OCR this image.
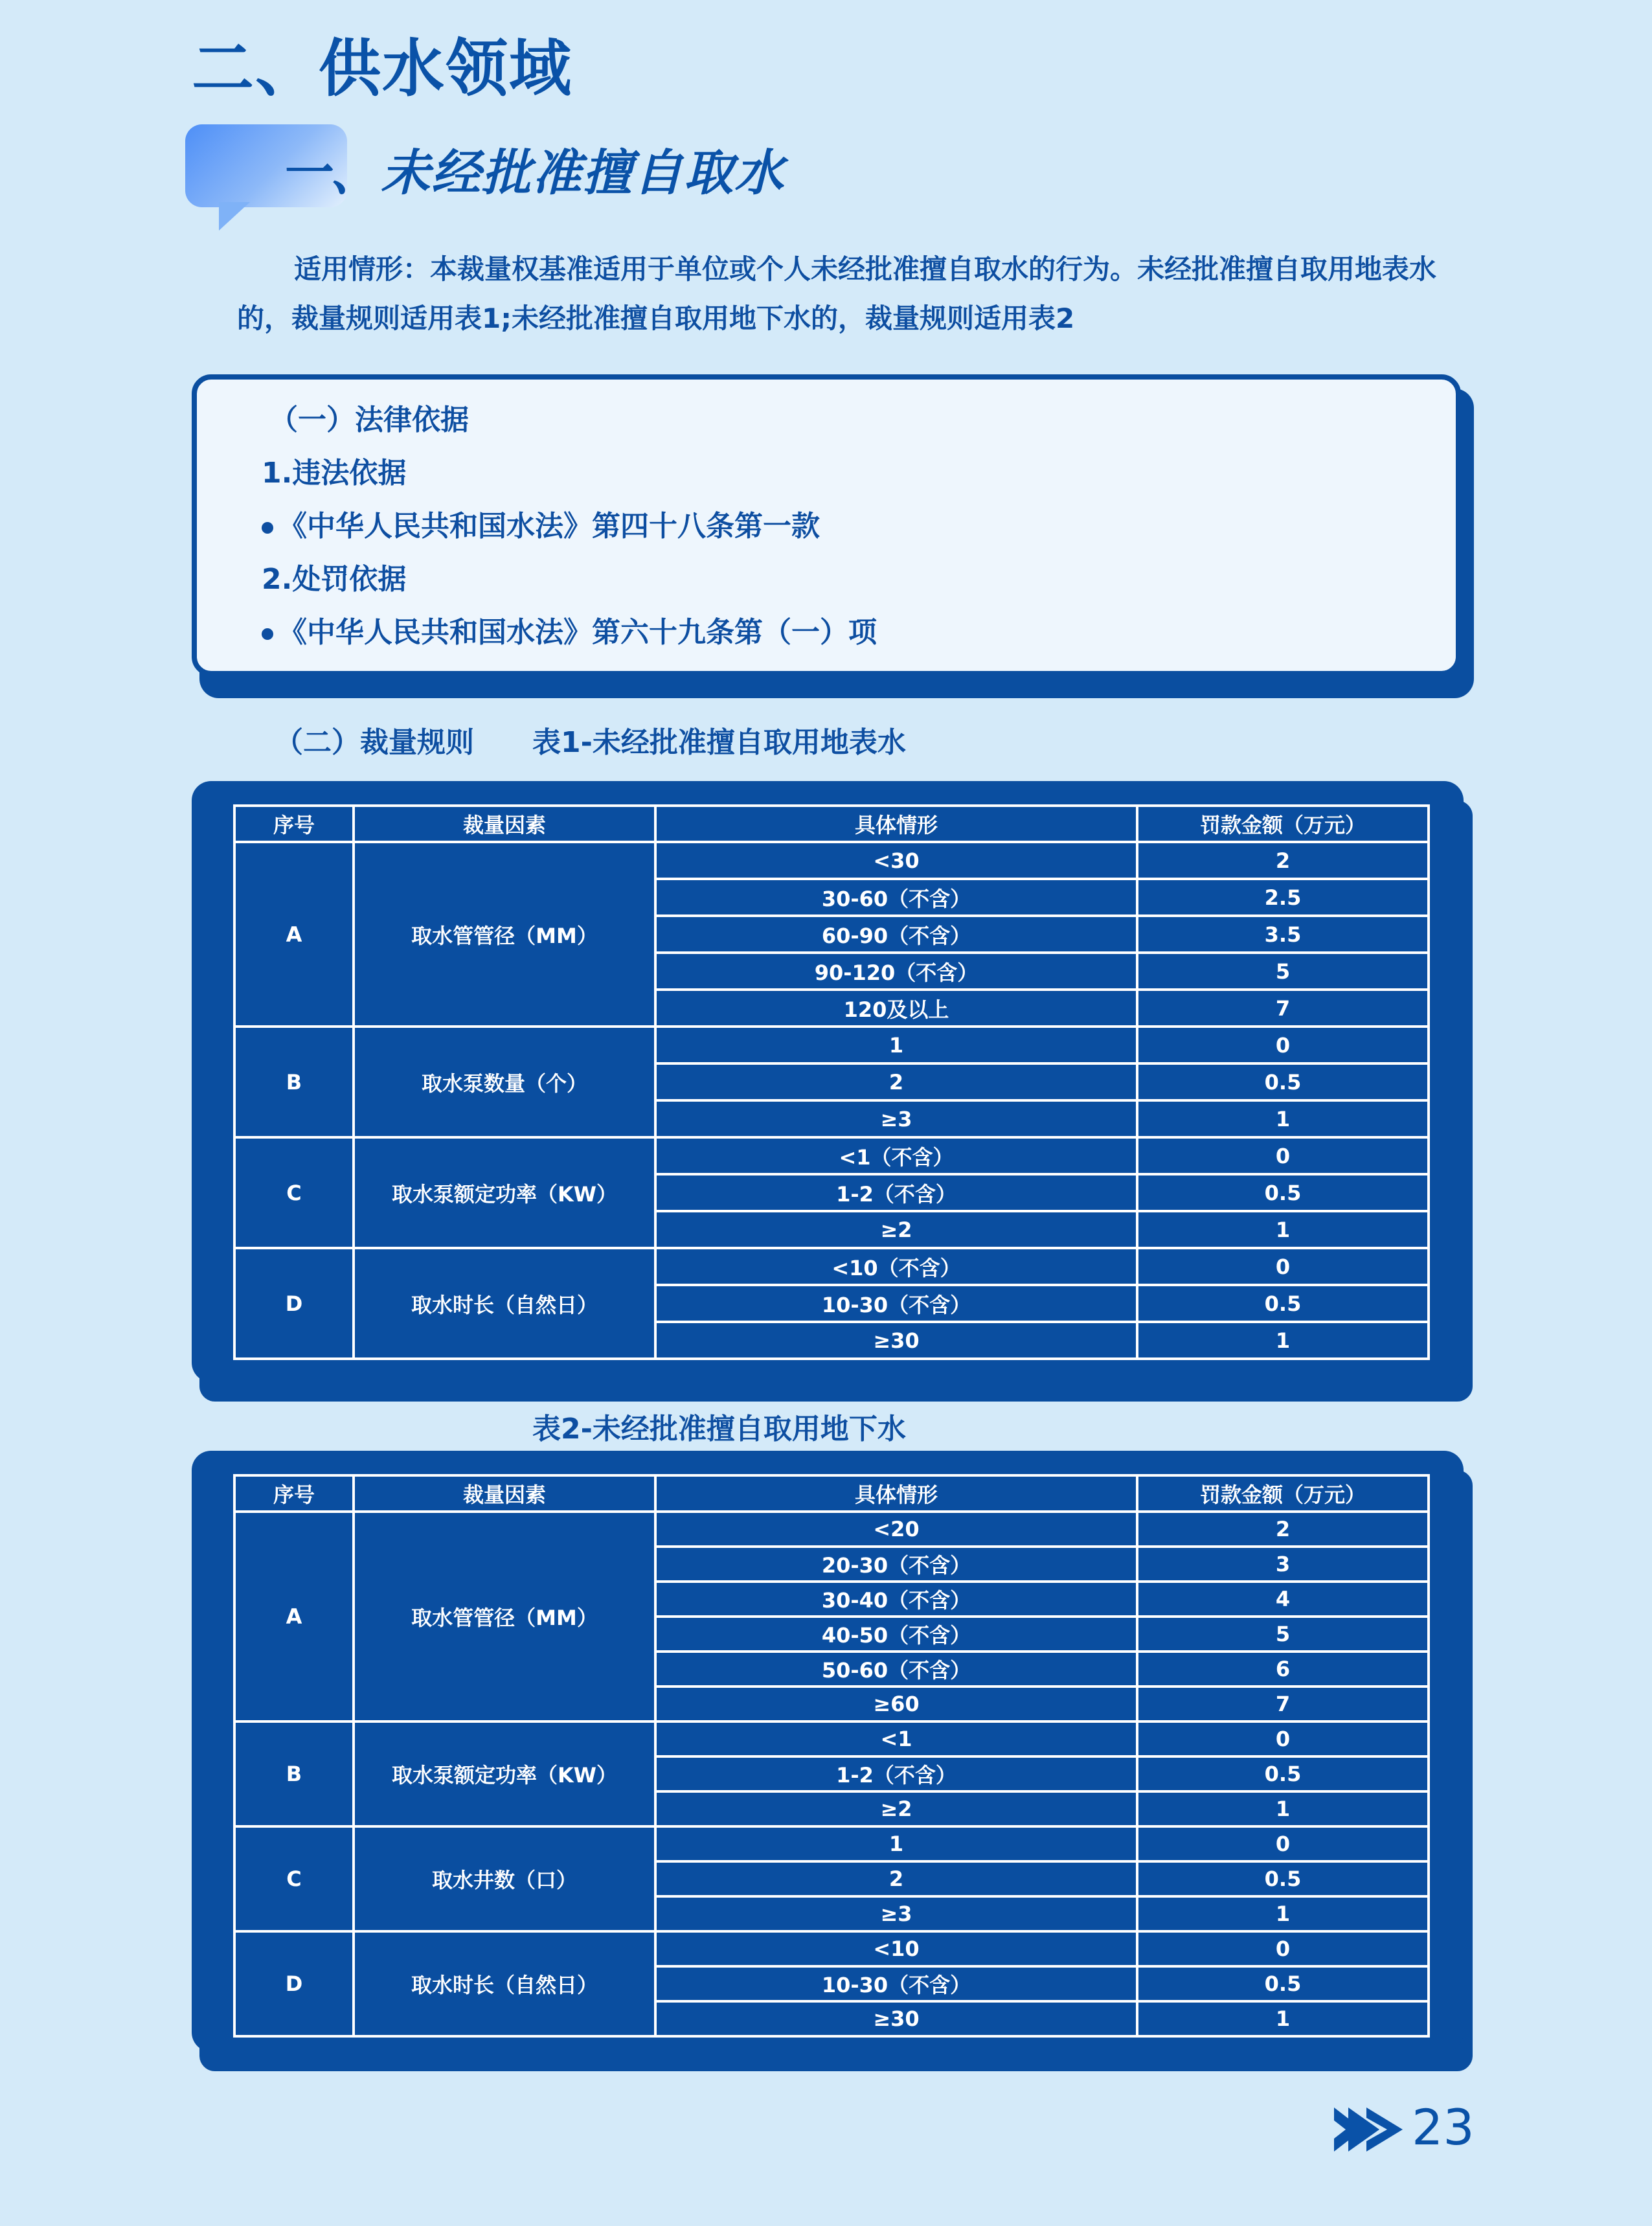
二、供水领域
一、未经批准擅自取水
适用情形：本裁量权基准适用于单位或个人未经批准擅自取水的行为。未经批准擅自取用地表水的，裁量规则适用表1;未经批准擅自取用地下水的，裁量规则适用表2
（一）法律依据
1.违法依据
《中华人民共和国水法》第四十八条第一款
2.处罚依据
《中华人民共和国水法》第六十九条第（一）项
（二）裁量规则 表1-未经批准擅自取用地表水
序号	裁量因素	具体情形	罚款金额（万元）
A	取水管管径（MM）	<30	2
		30-60（不含）	2.5
		60-90（不含）	3.5
		90-120（不含）	5
		120及以上	7
B	取水泵数量（个）	1	0
		2	0.5
		≥3	1
C	取水泵额定功率（KW）	<1（不含）	0
		1-2（不含）	0.5
		≥2	1
D	取水时长（自然日）	<10（不含）	0
		10-30（不含）	0.5
		≥30	1
表2-未经批准擅自取用地下水
序号	裁量因素	具体情形	罚款金额（万元）
A	取水管管径（MM）	<20	2
		20-30（不含）	3
		30-40（不含）	4
		40-50（不含）	5
		50-60（不含）	6
		≥60	7
B	取水泵额定功率（KW）	<1	0
		1-2（不含）	0.5
		≥2	1
C	取水井数（口）	1	0
		2	0.5
		≥3	1
D	取水时长（自然日）	<10	0
		10-30（不含）	0.5
		≥30	1
23
